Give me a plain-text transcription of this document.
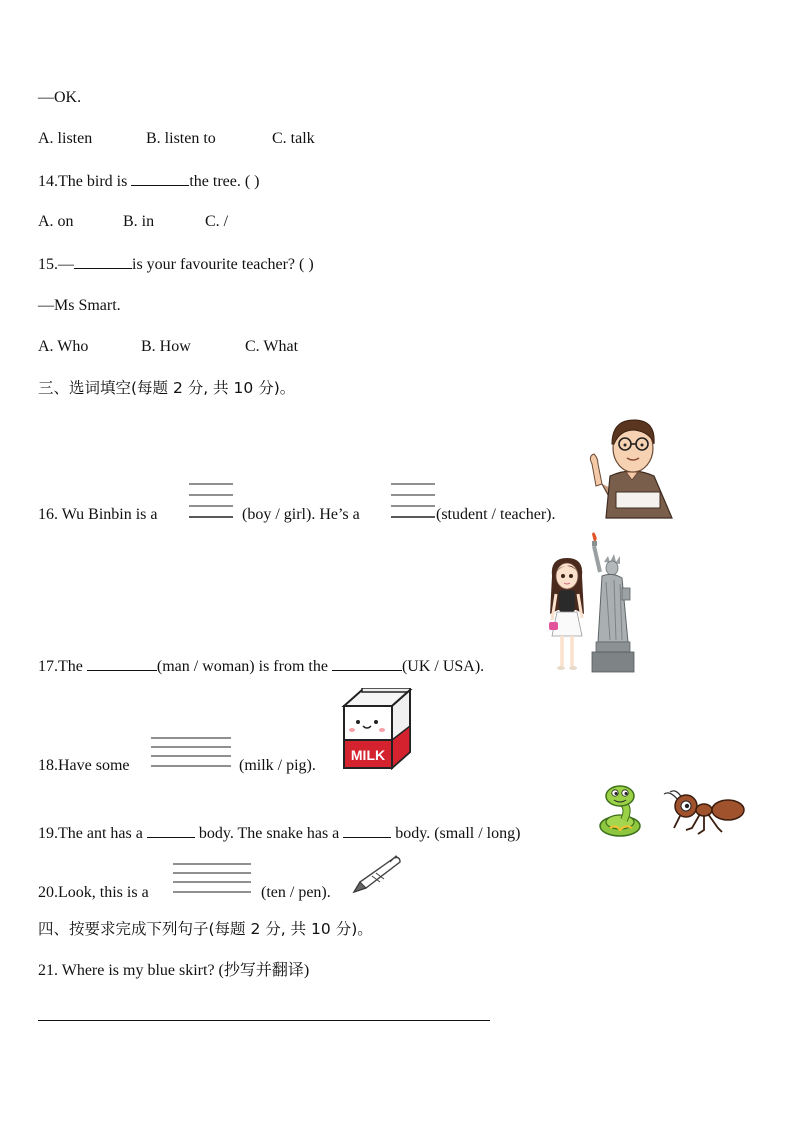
—OK.
A. listen	B. listen to	C. talk
14.The bird is	the tree. ( )
A. on	B. in	C. /
15.—	is your favourite teacher? ( )
—Ms Smart.
A. Who	B. How	C. What
三、选词填空(每题 2 分, 共 10 分)。
16. Wu Binbin is a	(boy / girl). He’s a	(student / teacher).
17.The	(man / woman) is from the	(UK / USA).
MILK
18.Have some	(milk / pig).
19.The ant has a	body. The snake has a	body. (small / long)
20.Look, this is a	(ten / pen).
四、按要求完成下列句子(每题 2 分, 共 10 分)。
21. Where is my blue skirt? (抄写并翻译)
